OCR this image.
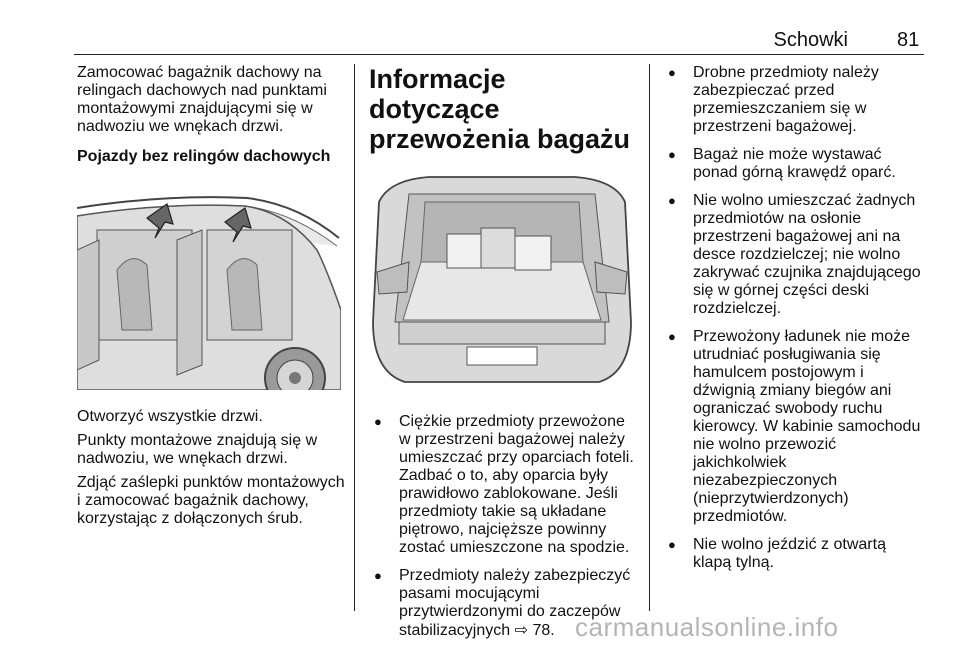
Schowki 81

Zamocować bagażnik dachowy na relingach dachowych nad punktami montażowymi znajdującymi się w nadwoziu we wnękach drzwi.

Pojazdy bez relingów dachowych

Otworzyć wszystkie drzwi.

Punkty montażowe znajdują się w nadwoziu, we wnękach drzwi.

Zdjąć zaślepki punktów montażowych i zamocować bagażnik dachowy, korzystając z dołączonych śrub.

Informacje dotyczące przewożenia bagażu
● Ciężkie przedmioty przewożone w przestrzeni bagażowej należy umieszczać przy oparciach foteli. Zadbać o to, aby oparcia były prawidłowo zablokowane. Jeśli przedmioty takie są układane piętrowo, najcięższe powinny zostać umieszczone na spodzie.
● Przedmioty należy zabezpieczyć pasami mocującymi przytwierdzonymi do zaczepów stabilizacyjnych ⇨ 78.
● Drobne przedmioty należy zabezpieczać przed przemieszczaniem się w przestrzeni bagażowej.
● Bagaż nie może wystawać ponad górną krawędź oparć.
● Nie wolno umieszczać żadnych przedmiotów na osłonie przestrzeni bagażowej ani na desce rozdzielczej; nie wolno zakrywać czujnika znajdującego się w górnej części deski rozdzielczej.
● Przewożony ładunek nie może utrudniać posługiwania się hamulcem postojowym i dźwignią zmiany biegów ani ograniczać swobody ruchu kierowcy. W kabinie samochodu nie wolno przewozić jakichkolwiek niezabezpieczonych (nieprzytwierdzonych) przedmiotów.
● Nie wolno jeździć z otwartą klapą tylną.
carmanualsonline.info
